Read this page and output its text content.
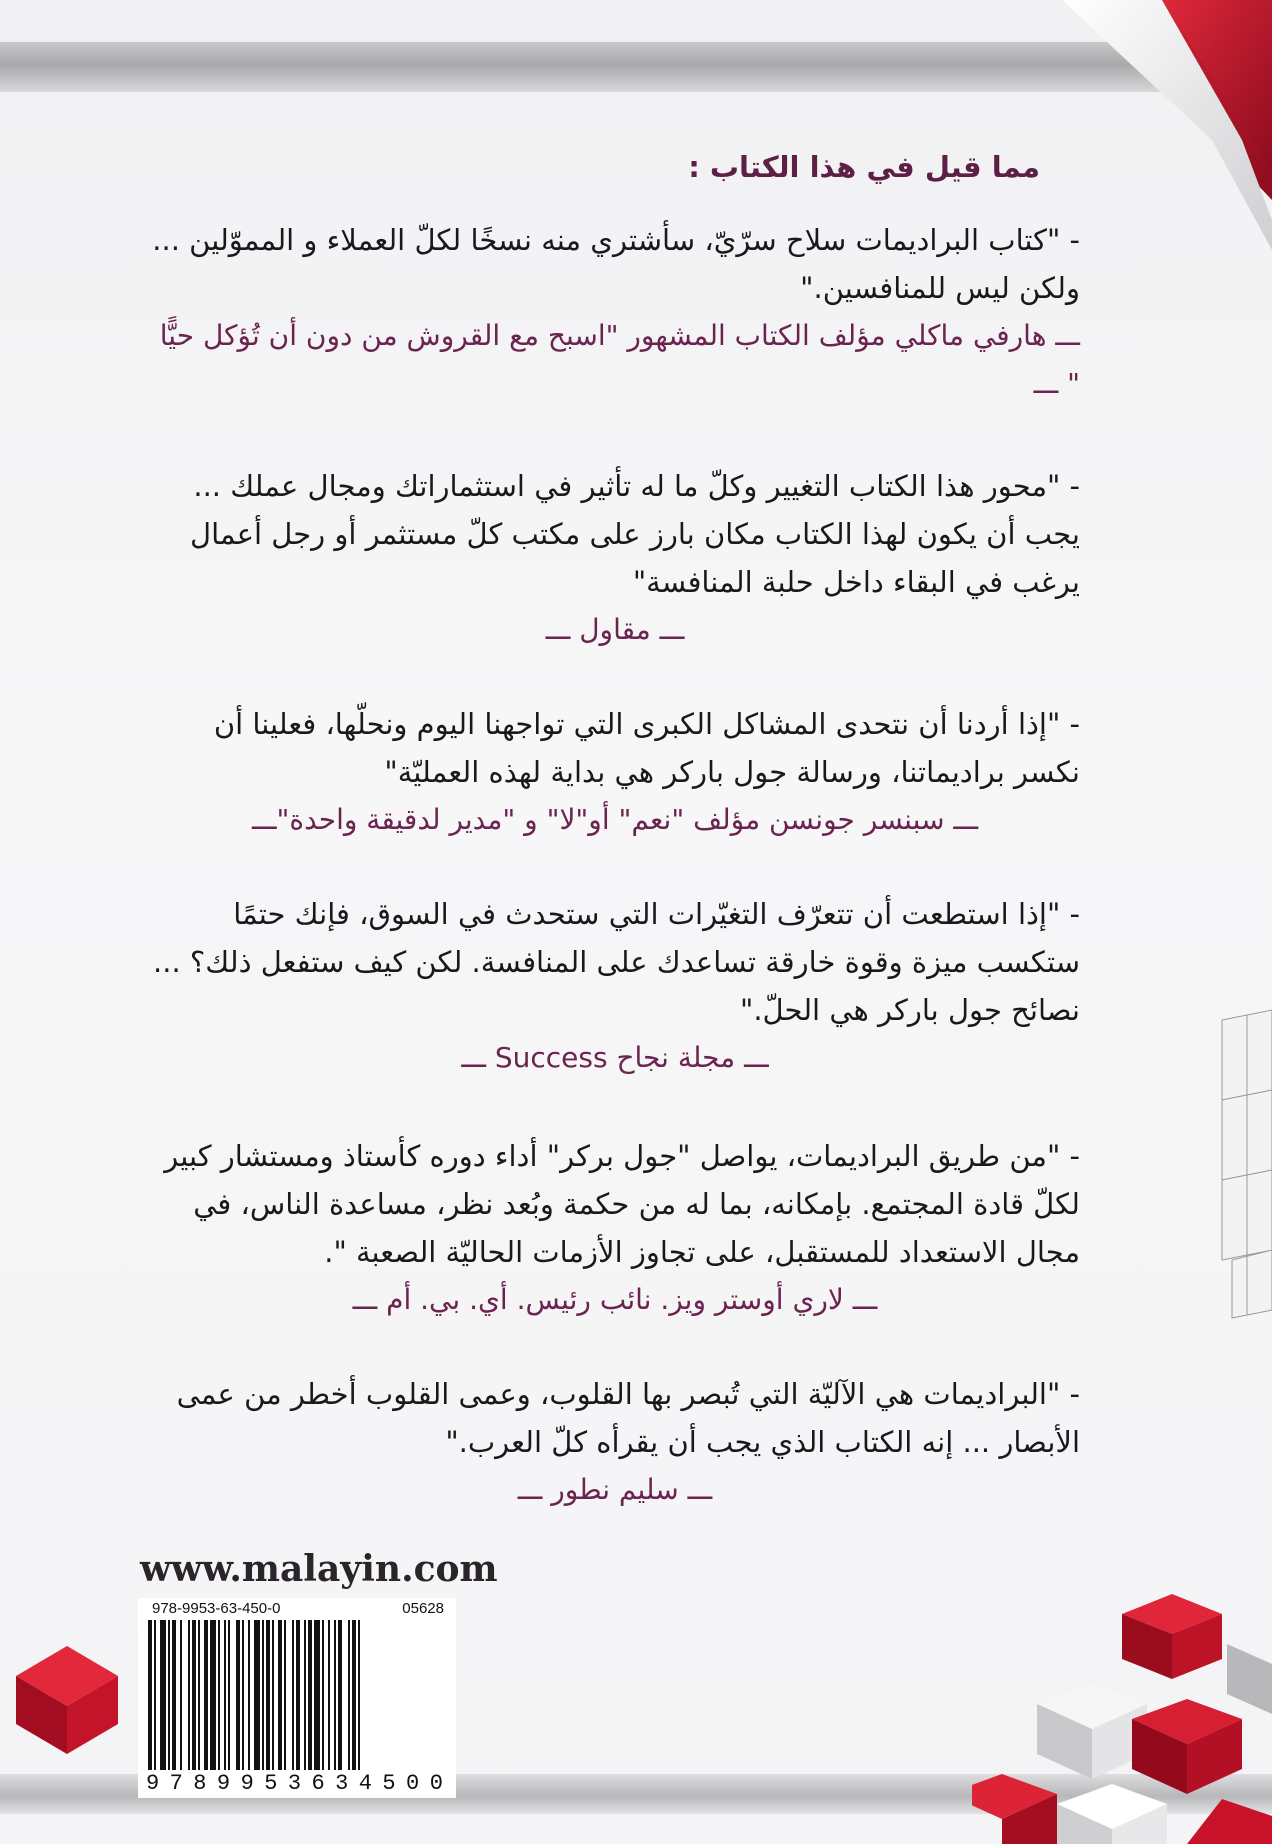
مما قيل في هذا الكتاب :

- "كتاب البراديمات سلاح سرّيّ، سأشتري منه نسخًا لكلّ العملاء و المموّلين ... ولكن ليس للمنافسين."

ـــ هارفي ماكلي مؤلف الكتاب المشهور "اسبح مع القروش من دون أن تُؤكل حيًّا " ـــ

- "محور هذا الكتاب التغيير وكلّ ما له تأثير في استثماراتك ومجال عملك ... يجب أن يكون لهذا الكتاب مكان بارز على مكتب كلّ مستثمر أو رجل أعمال يرغب في البقاء داخل حلبة المنافسة"

ـــ مقاول ـــ

- "إذا أردنا أن نتحدى المشاكل الكبرى التي تواجهنا اليوم ونحلّها، فعلينا أن نكسر براديماتنا، ورسالة جول باركر هي بداية لهذه العمليّة"

ـــ سبنسر جونسن مؤلف "نعم" أو"لا" و "مدير لدقيقة واحدة"ـــ

- "إذا استطعت أن تتعرّف التغيّرات التي ستحدث في السوق، فإنك حتمًا ستكسب ميزة وقوة خارقة تساعدك على المنافسة. لكن كيف ستفعل ذلك؟ ... نصائح جول باركر هي الحلّ."

ـــ مجلة نجاح Success ـــ

- "من طريق البراديمات، يواصل "جول بركر" أداء دوره كأستاذ ومستشار كبير لكلّ قادة المجتمع. بإمكانه، بما له من حكمة وبُعد نظر، مساعدة الناس، في مجال الاستعداد للمستقبل، على تجاوز الأزمات الحاليّة الصعبة ".

ـــ لاري أوستر ويز. نائب رئيس. أي. بي. أم ـــ

- "البراديمات هي الآليّة التي تُبصر بها القلوب، وعمى القلوب أخطر من عمى الأبصار ... إنه الكتاب الذي يجب أن يقرأه كلّ العرب."

ـــ سليم نطور ـــ

www.malayin.com
978-9953-63-450-0	05628
9 7 8 9 9 5 3 6 3 4 5 0 0
